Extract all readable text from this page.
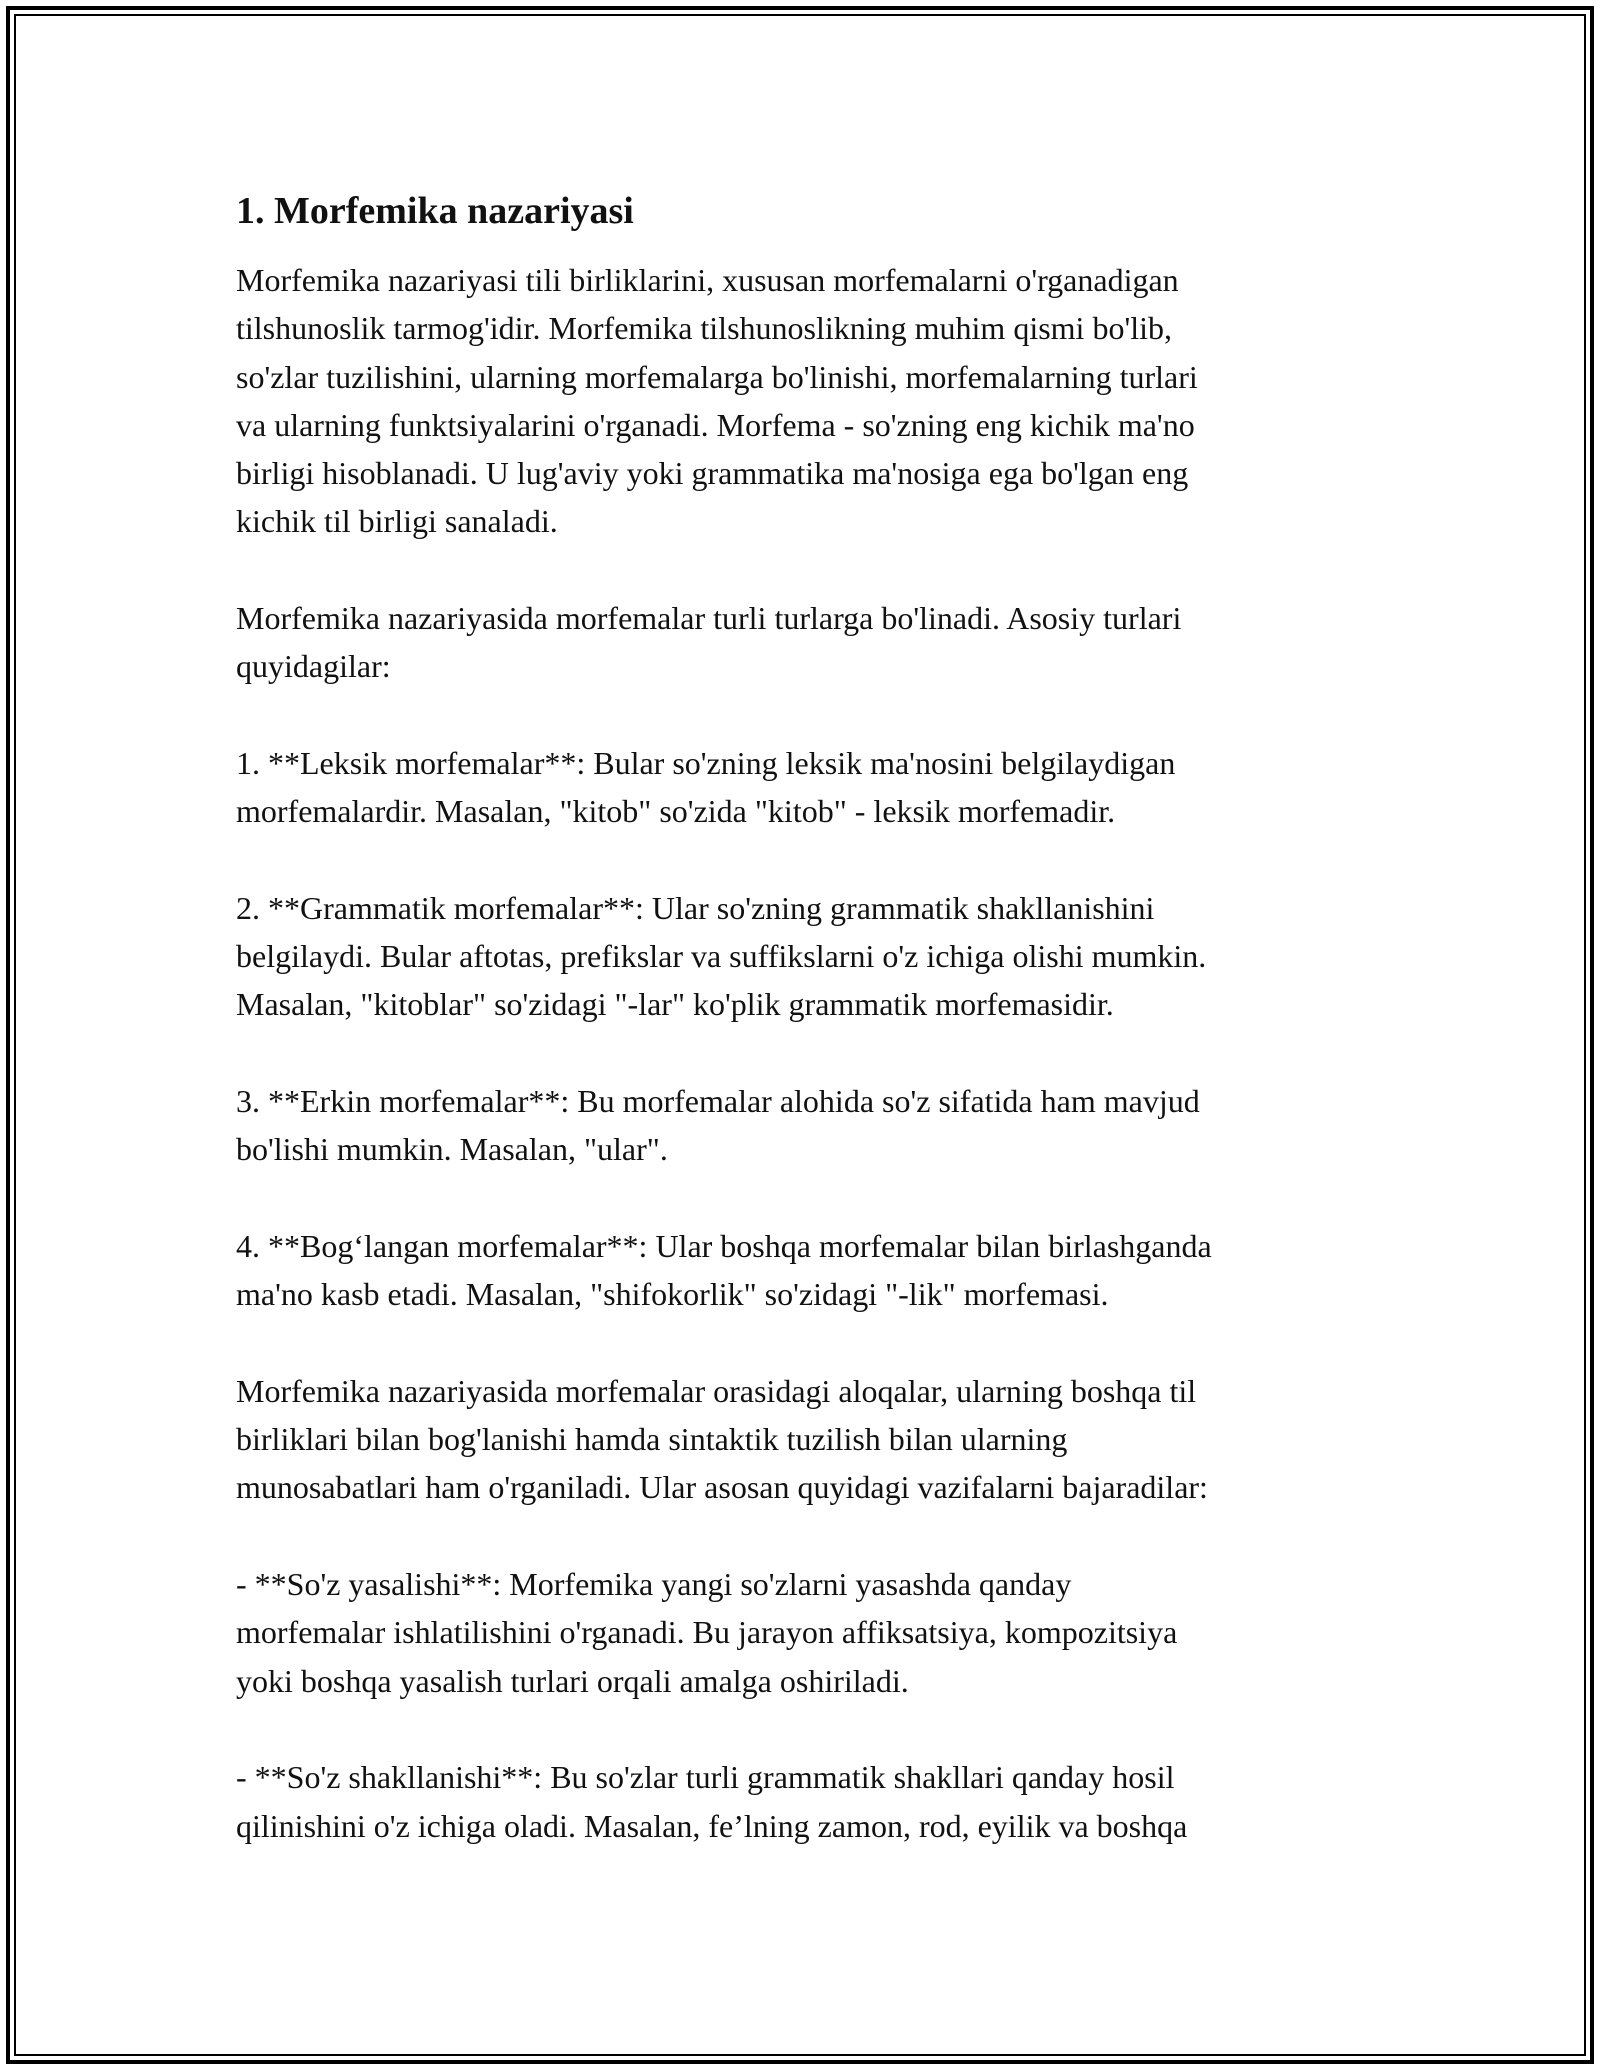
1. Morfemika nazariyasi
Morfemika nazariyasi tili birliklarini, xususan morfemalarni o'rganadigan
tilshunoslik tarmog'idir. Morfemika tilshunoslikning muhim qismi bo'lib,
so'zlar tuzilishini, ularning morfemalarga bo'linishi, morfemalarning turlari
va ularning funktsiyalarini o'rganadi. Morfema - so'zning eng kichik ma'no
birligi hisoblanadi. U lug'aviy yoki grammatika ma'nosiga ega bo'lgan eng
kichik til birligi sanaladi.
Morfemika nazariyasida morfemalar turli turlarga bo'linadi. Asosiy turlari
quyidagilar:
1. **Leksik morfemalar**: Bular so'zning leksik ma'nosini belgilaydigan
morfemalardir. Masalan, "kitob" so'zida "kitob" - leksik morfemadir.
2. **Grammatik morfemalar**: Ular so'zning grammatik shakllanishini
belgilaydi. Bular aftotas, prefikslar va suffikslarni o'z ichiga olishi mumkin.
Masalan, "kitoblar" so'zidagi "-lar" ko'plik grammatik morfemasidir.
3. **Erkin morfemalar**: Bu morfemalar alohida so'z sifatida ham mavjud
bo'lishi mumkin. Masalan, "ular".
4. **Bog‘langan morfemalar**: Ular boshqa morfemalar bilan birlashganda
ma'no kasb etadi. Masalan, "shifokorlik" so'zidagi "-lik" morfemasi.
Morfemika nazariyasida morfemalar orasidagi aloqalar, ularning boshqa til
birliklari bilan bog'lanishi hamda sintaktik tuzilish bilan ularning
munosabatlari ham o'rganiladi. Ular asosan quyidagi vazifalarni bajaradilar:
- **So'z yasalishi**: Morfemika yangi so'zlarni yasashda qanday
morfemalar ishlatilishini o'rganadi. Bu jarayon affiksatsiya, kompozitsiya
yoki boshqa yasalish turlari orqali amalga oshiriladi.
- **So'z shakllanishi**: Bu so'zlar turli grammatik shakllari qanday hosil
qilinishini o'z ichiga oladi. Masalan, fe’lning zamon, rod, eyilik va boshqa
